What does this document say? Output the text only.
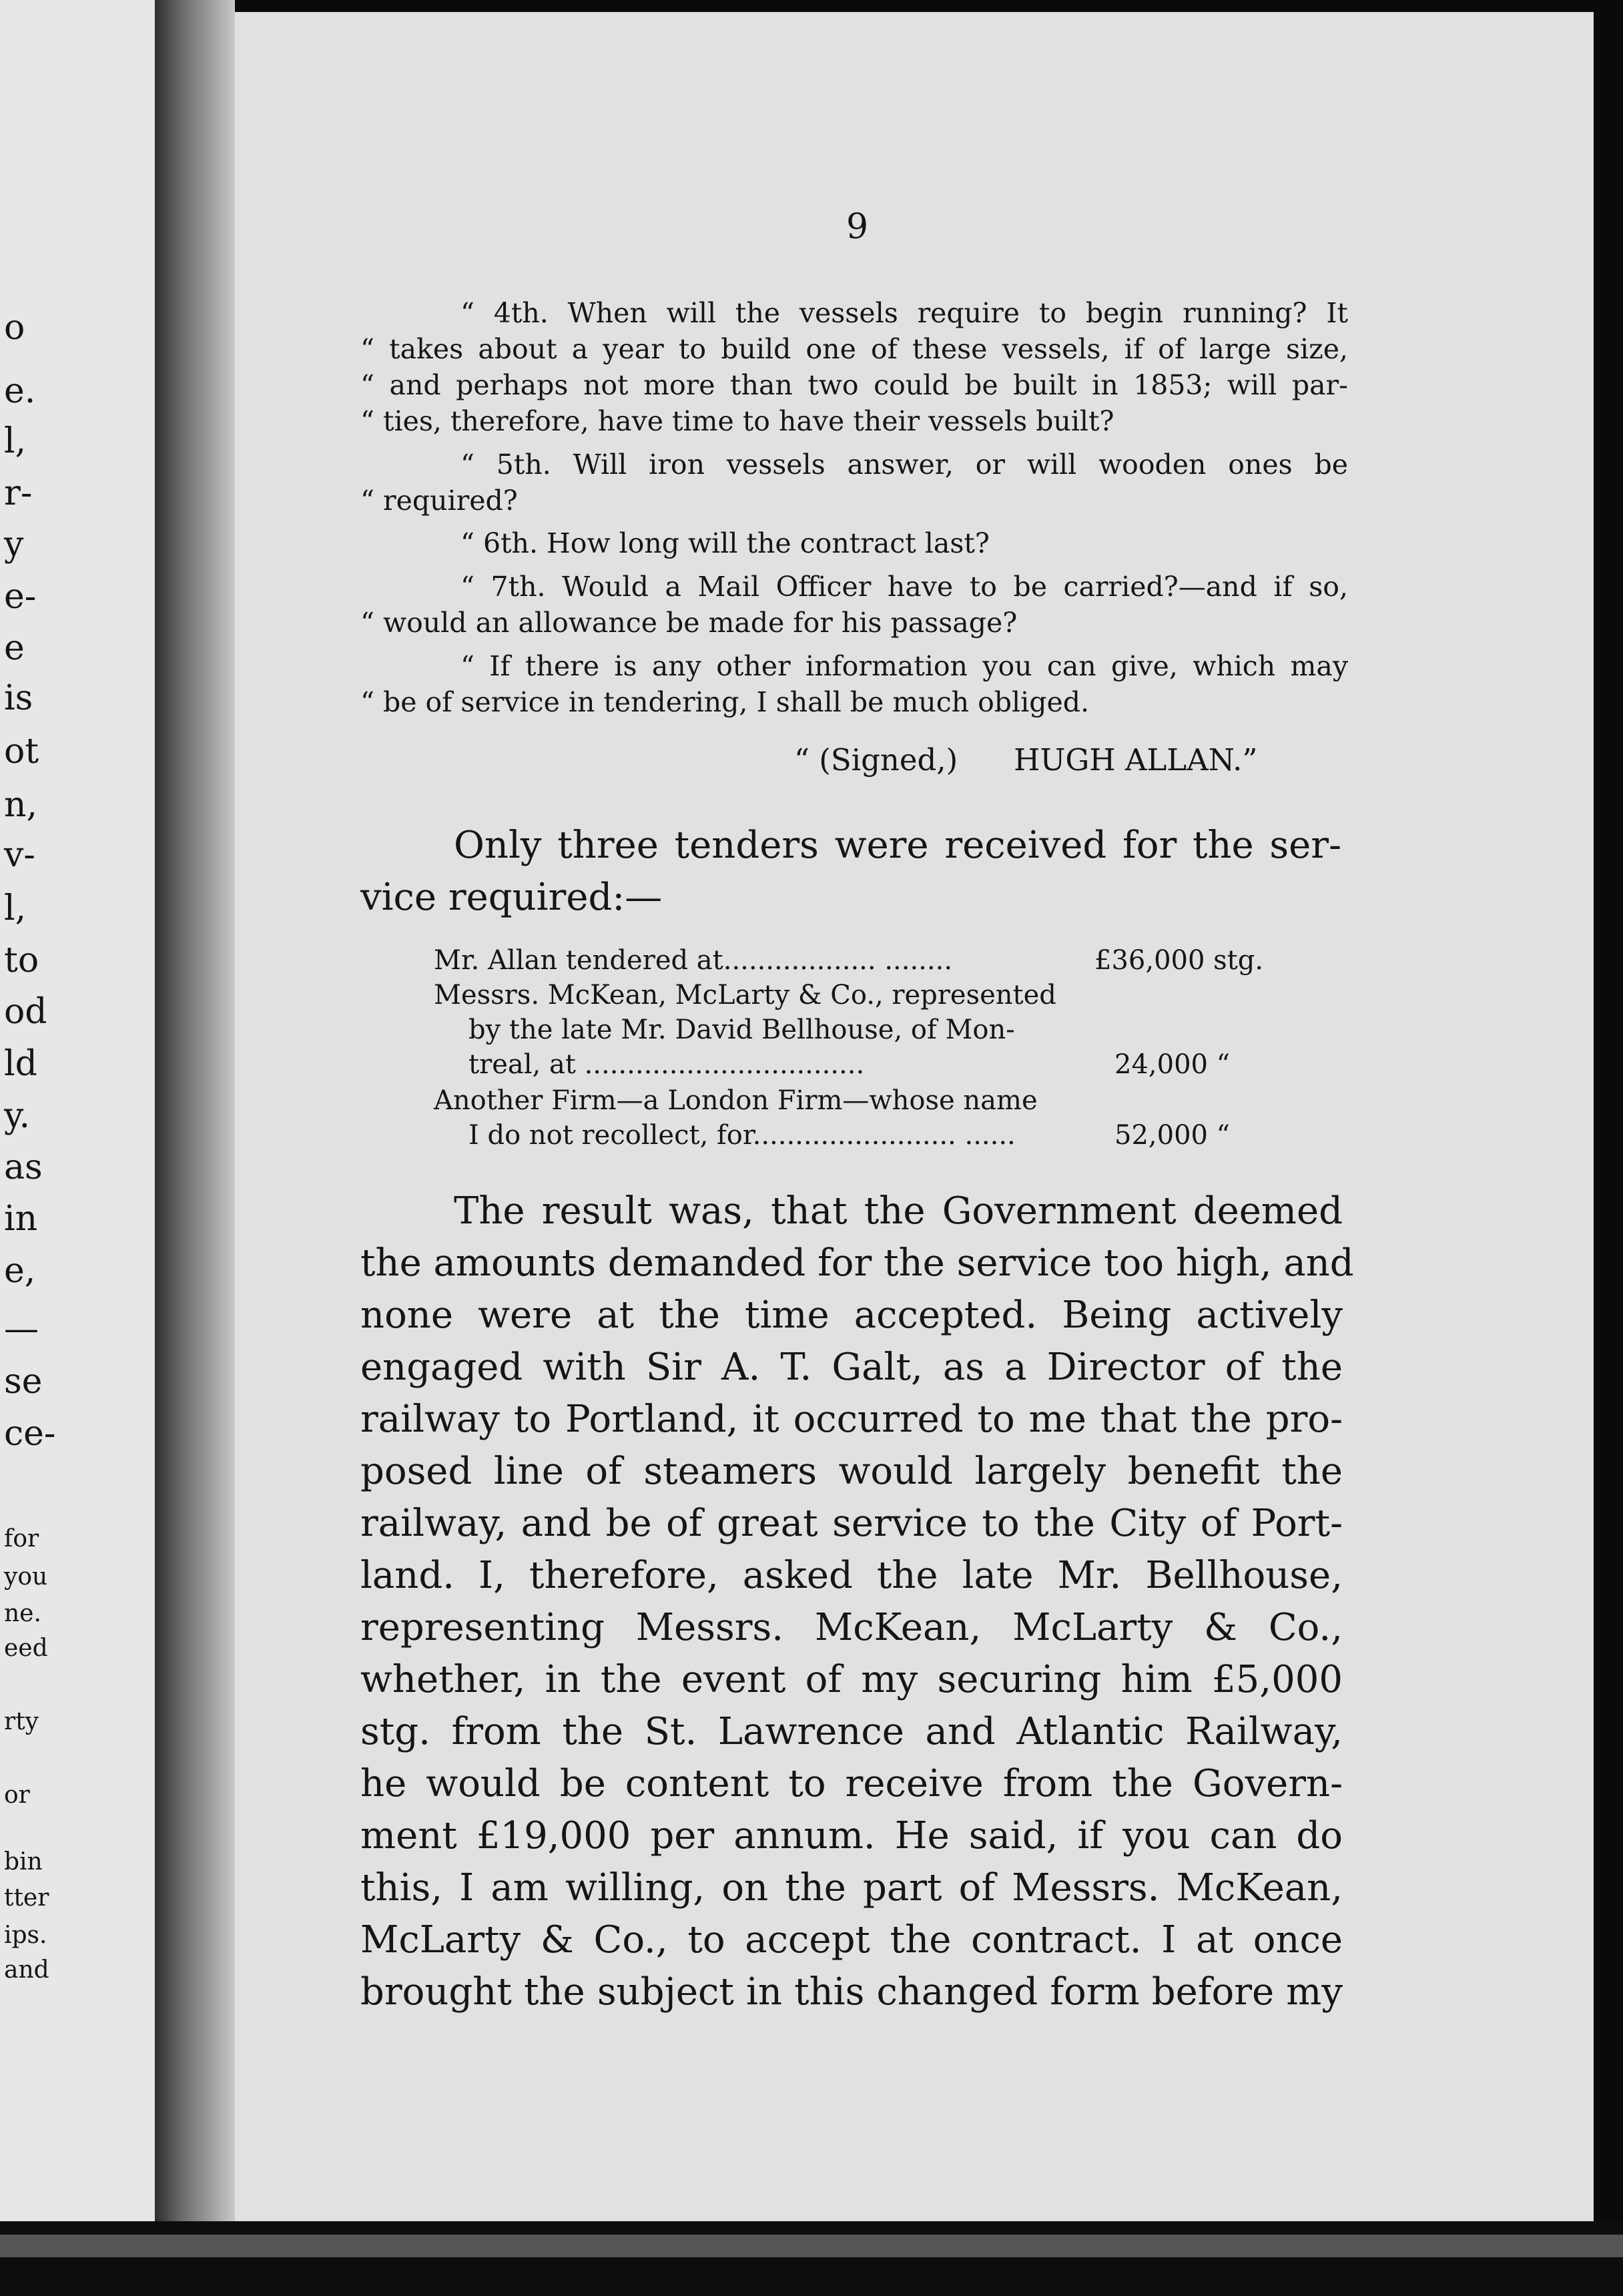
o
e.
l,
r-
y
e-
e
is
ot
n,
v-
l,
to
od
ld
y.
as
in
e,
—
se
ce-
for
you
ne.
eed
rty
or
bin
tter
ips.
and
9
“ 4th. When will the vessels require to begin running? It
“ takes about a year to build one of these vessels, if of large size,
“ and perhaps not more than two could be built in 1853; will par-
“ ties, therefore, have time to have their vessels built?
“ 5th. Will iron vessels answer, or will wooden ones be
“ required?
“ 6th. How long will the contract last?
“ 7th. Would a Mail Officer have to be carried?—and if so,
“ would an allowance be made for his passage?
“ If there is any other information you can give, which may
“ be of service in tendering, I shall be much obliged.
“ (Signed,) HUGH ALLAN.”
Only three tenders were received for the ser-
vice required:—
Mr. Allan tendered at.................. ........	£36,000 stg.
Messrs. McKean, McLarty & Co., represented
by the late Mr. David Bellhouse, of Mon-
treal, at .................................	24,000 “
Another Firm—a London Firm—whose name
I do not recollect, for........................ ......	52,000 “
The result was, that the Government deemed
the amounts demanded for the service too high, and
none were at the time accepted. Being actively
engaged with Sir A. T. Galt, as a Director of the
railway to Portland, it occurred to me that the pro-
posed line of steamers would largely benefit the
railway, and be of great service to the City of Port-
land. I, therefore, asked the late Mr. Bellhouse,
representing Messrs. McKean, McLarty & Co.,
whether, in the event of my securing him £5,000
stg. from the St. Lawrence and Atlantic Railway,
he would be content to receive from the Govern-
ment £19,000 per annum. He said, if you can do
this, I am willing, on the part of Messrs. McKean,
McLarty & Co., to accept the contract. I at once
brought the subject in this changed form before my
